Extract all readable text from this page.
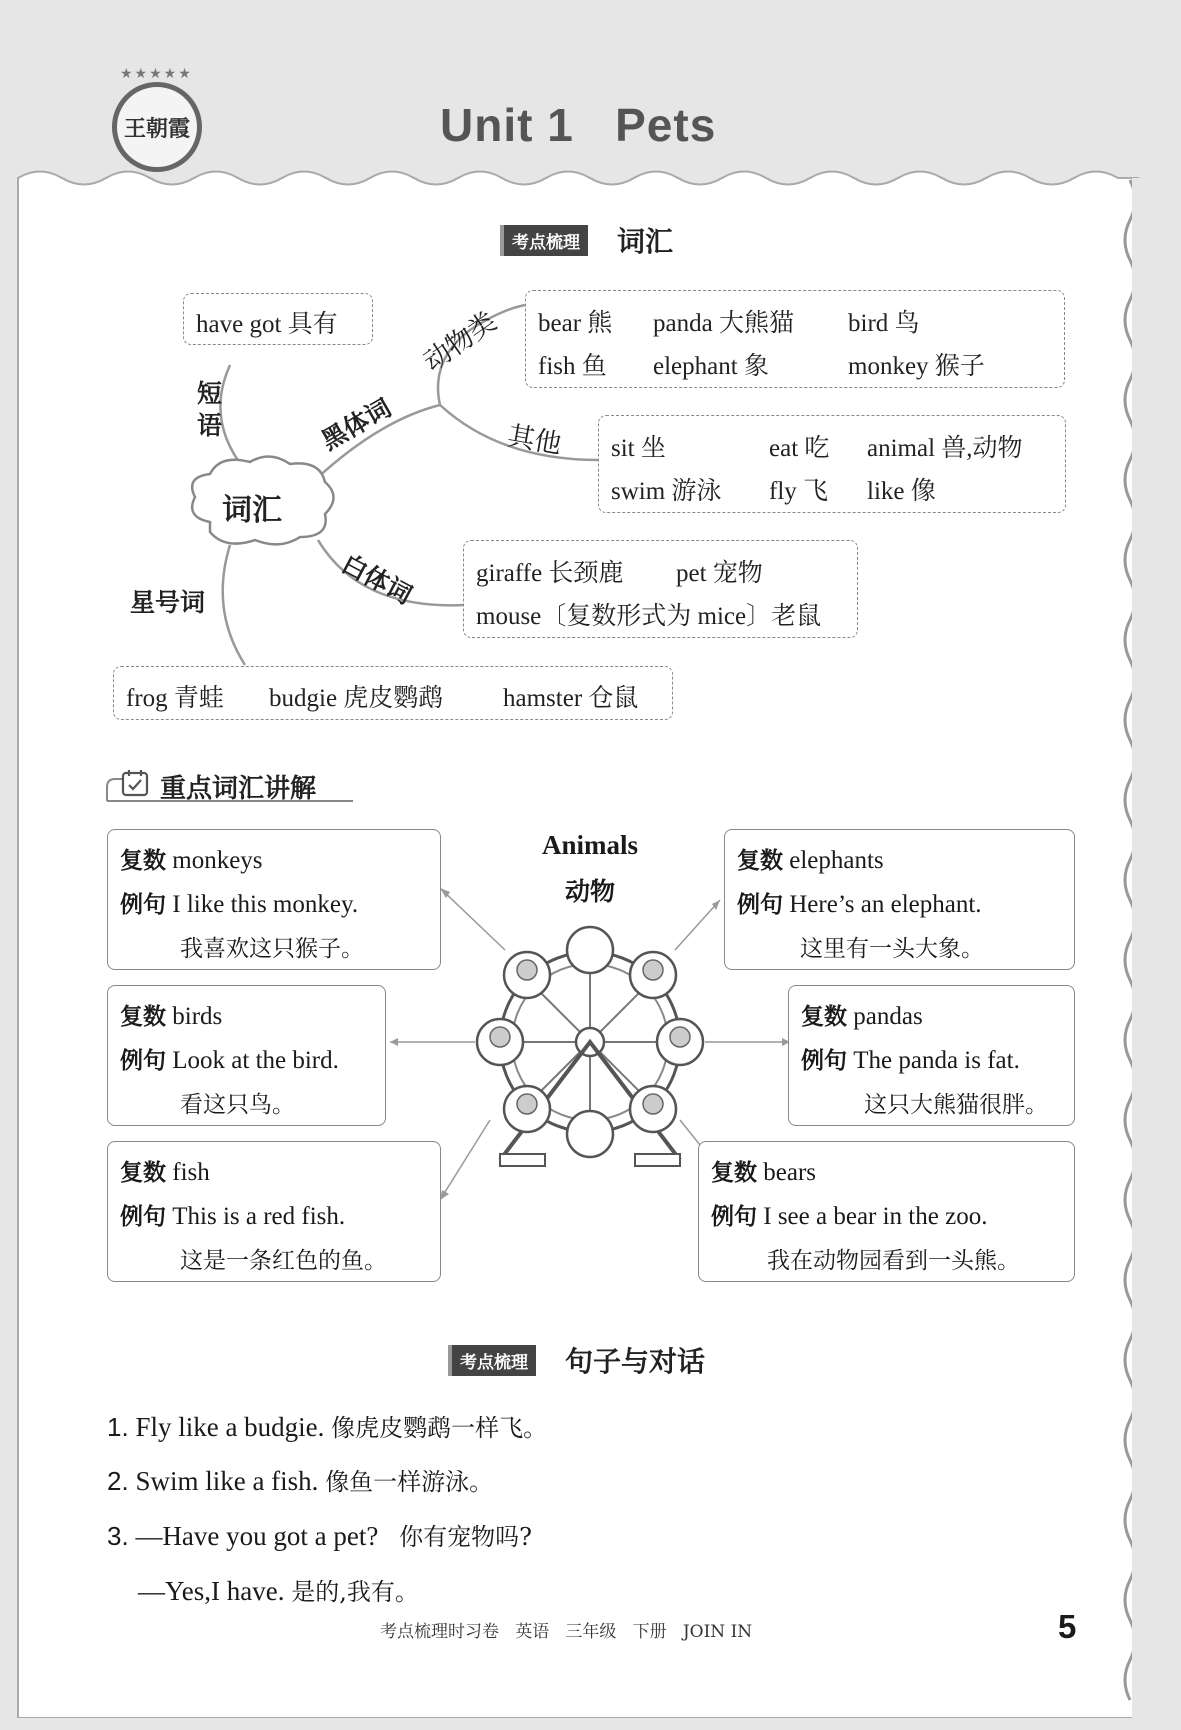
★★★★★
王朝霞	Unit 1   Pets
考点梳理 词汇
词汇
短语	黑体词
白体词
星号词
动物类
其他
have got 具有	bear 熊 panda 大熊猫 bird 鸟
fish 鱼 elephant 象	monkey 猴子
sit 坐	eat 吃 animal 兽,动物
swim 游泳 fly 飞 like 像
giraffe 长颈鹿 pet 宠物
mouse〔复数形式为 mice〕老鼠
frog 青蛙 budgie 虎皮鹦鹉 hamster 仓鼠
重点词汇讲解
Animals
动物
复数 monkeys
例句 I like this monkey.
我喜欢这只猴子。
复数 elephants
例句 Here’s an elephant.
这里有一头大象。
复数 birds
例句 Look at the bird.
看这只鸟。
复数 pandas
例句 The panda is fat.
这只大熊猫很胖。
复数 fish
例句 This is a red fish.
这是一条红色的鱼。
复数 bears
例句 I see a bear in the zoo.
我在动物园看到一头熊。
考点梳理 句子与对话
1. Fly like a budgie. 像虎皮鹦鹉一样飞。
2. Swim like a fish. 像鱼一样游泳。
3. —Have you got a pet? 你有宠物吗?
—Yes,I have. 是的,我有。
考点梳理时习卷   英语   三年级   下册   JOIN IN	5
